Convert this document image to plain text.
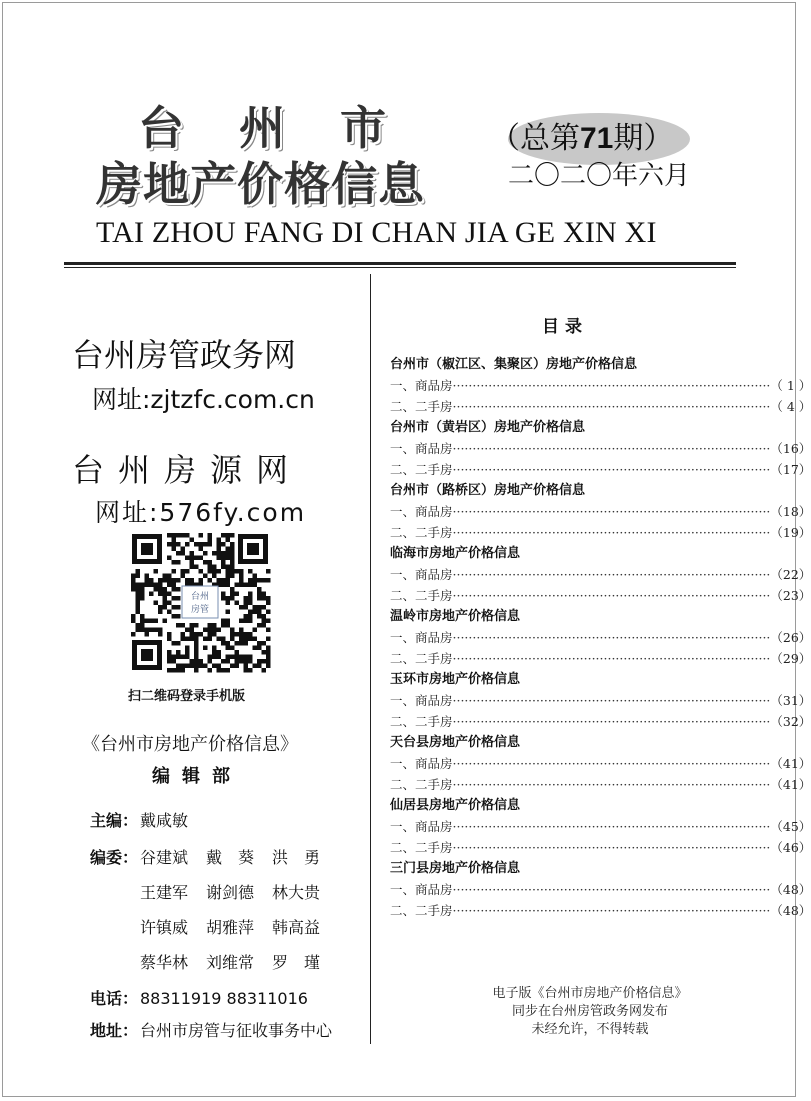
台 州 市
房地产价格信息
（总第71期）
二〇二〇年六月
TAI ZHOU FANG DI CHAN JIA GE XIN XI
台州房管政务网
网址:zjtzfc.com.cn
台州房源网
网址:576fy.com
台州
房管
扫二维码登录手机版
《台州市房地产价格信息》
编辑部
主编： 戴咸敏
编委： 谷建斌 戴　葵 洪　勇
王建军 谢剑德 林大贵
许镇威 胡雅萍 韩高益
蔡华林 刘维常 罗　瑾
电话： 88311919 88311016
地址： 台州市房管与征收事务中心
目录
台州市（椒江区、集聚区）房地产价格信息
一、商品房 ················································································ （ 1 ）
二、二手房 ················································································ （ 4 ）
台州市（黄岩区）房地产价格信息
一、商品房 ················································································ （16）
二、二手房 ················································································ （17）
台州市（路桥区）房地产价格信息
一、商品房 ················································································ （18）
二、二手房 ················································································ （19）
临海市房地产价格信息
一、商品房 ················································································ （22）
二、二手房 ················································································ （23）
温岭市房地产价格信息
一、商品房 ················································································ （26）
二、二手房 ················································································ （29）
玉环市房地产价格信息
一、商品房 ················································································ （31）
二、二手房 ················································································ （32）
天台县房地产价格信息
一、商品房 ················································································ （41）
二、二手房 ················································································ （41）
仙居县房地产价格信息
一、商品房 ················································································ （45）
二、二手房 ················································································ （46）
三门县房地产价格信息
一、商品房 ················································································ （48）
二、二手房 ················································································ （48）
电子版《台州市房地产价格信息》
同步在台州房管政务网发布
未经允许，不得转载
